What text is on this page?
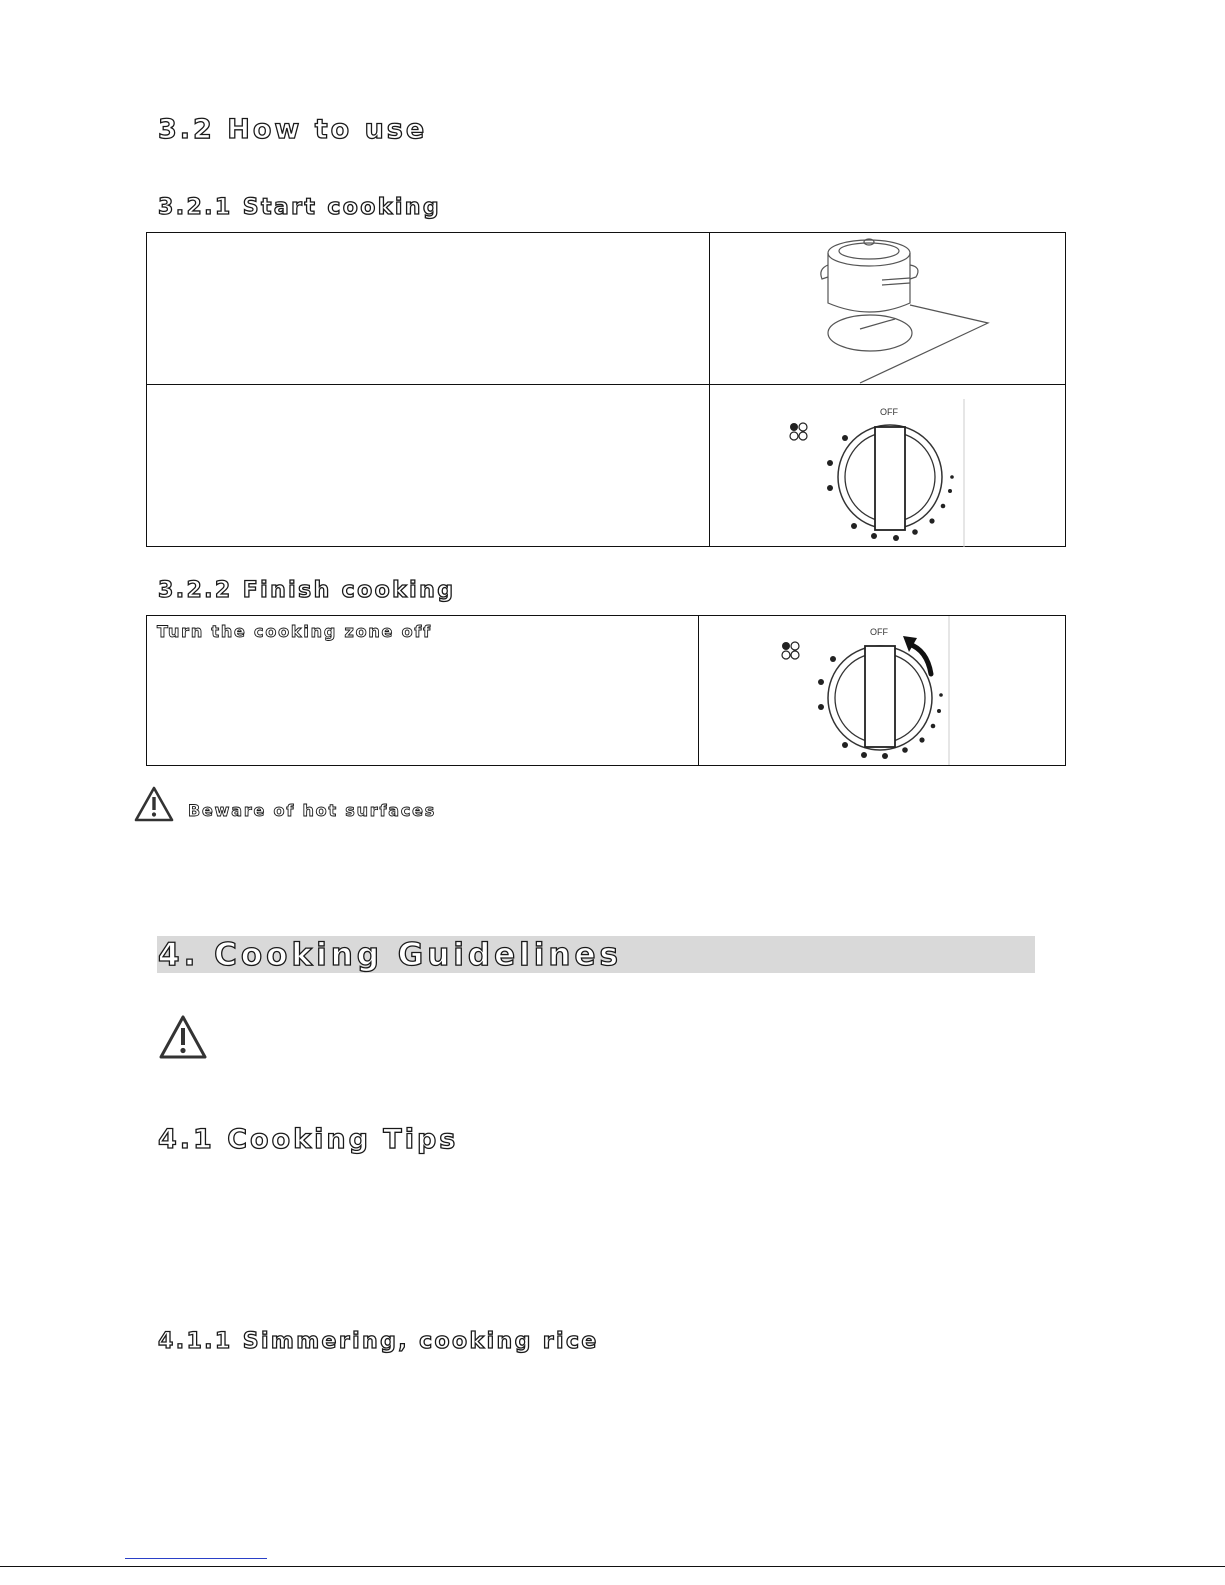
3.2 How to use
3.2.1 Start cooking
OFF
3.2.2 Finish cooking
Turn the cooking zone off	OFF
Beware of hot surfaces
4. Cooking Guidelines
4.1 Cooking Tips
4.1.1 Simmering, cooking rice
